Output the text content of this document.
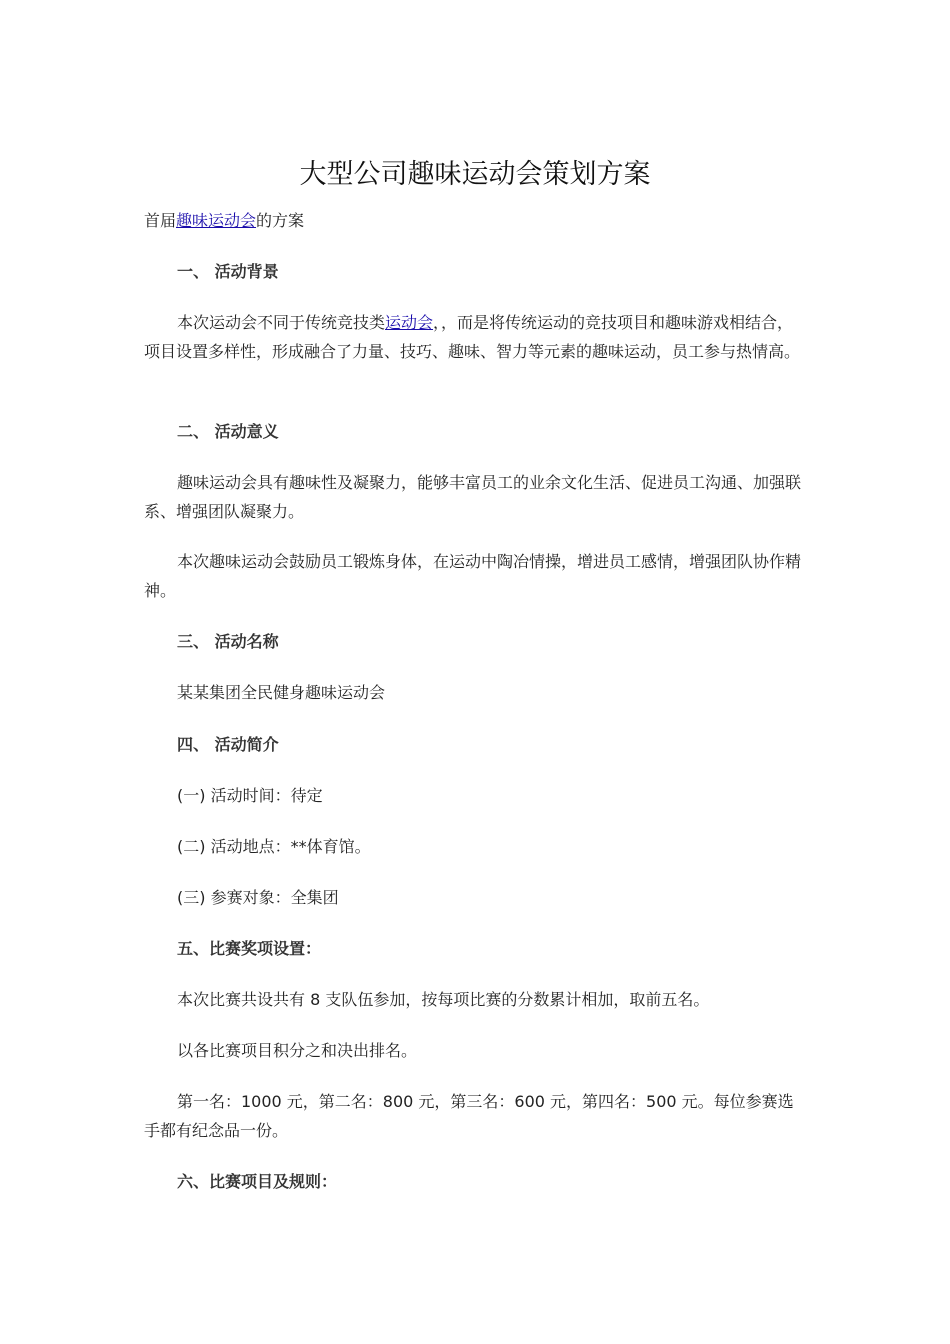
大型公司趣味运动会策划方案

首届趣味运动会的方案

一、 活动背景

本次运动会不同于传统竞技类运动会，，而是将传统运动的竞技项目和趣味游戏相结合，项目设置多样性，形成融合了力量、技巧、趣味、智力等元素的趣味运动，员工参与热情高。

二、 活动意义

趣味运动会具有趣味性及凝聚力，能够丰富员工的业余文化生活、促进员工沟通、加强联系、增强团队凝聚力。

本次趣味运动会鼓励员工锻炼身体，在运动中陶冶情操，增进员工感情，增强团队协作精神。

三、 活动名称

某某集团全民健身趣味运动会

四、 活动简介

(一) 活动时间：待定

(二) 活动地点：**体育馆。

(三) 参赛对象：全集团

五、比赛奖项设置：

本次比赛共设共有 8 支队伍参加，按每项比赛的分数累计相加，取前五名。

以各比赛项目积分之和决出排名。

第一名：1000 元，第二名：800 元，第三名：600 元，第四名：500 元。每位参赛选手都有纪念品一份。

六、比赛项目及规则：
